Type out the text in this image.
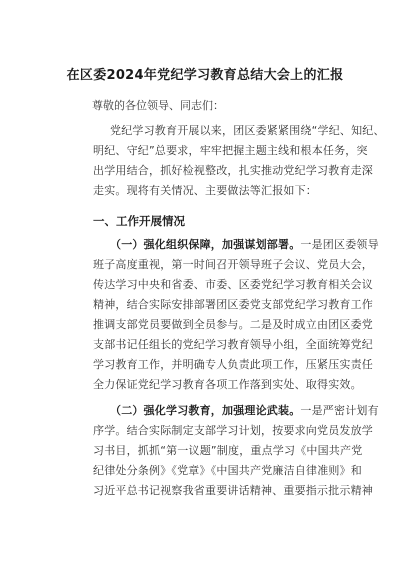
在区委2024年党纪学习教育总结大会上的汇报
尊敬的各位领导、同志们：
党纪学习教育开展以来，团区委紧紧围绕“学纪、知纪、
明纪、守纪”总要求，牢牢把握主题主线和根本任务，突
出学用结合，抓好检视整改，扎实推动党纪学习教育走深
走实。现将有关情况、主要做法等汇报如下：
一、工作开展情况
（一）强化组织保障，加强谋划部署。一是团区委领导
班子高度重视，第一时间召开领导班子会议、党员大会，
传达学习中央和省委、市委、区委党纪学习教育相关会议
精神，结合实际安排部署团区委党支部党纪学习教育工作
推调支部党员要做到全员参与。二是及时成立由团区委党
支部书记任组长的党纪学习教育领导小组，全面统筹党纪
学习教育工作，并明确专人负责此项工作，压紧压实责任
全力保证党纪学习教育各项工作落到实处、取得实效。
（二）强化学习教育，加强理论武装。一是严密计划有
序学。结合实际制定支部学习计划，按要求向党员发放学
习书目，抓抓“第一议题”制度，重点学习《中国共产党
纪律处分条例》《党章》《中国共产党廉洁自律准则》和
习近平总书记视察我省重要讲话精神、重要指示批示精神
